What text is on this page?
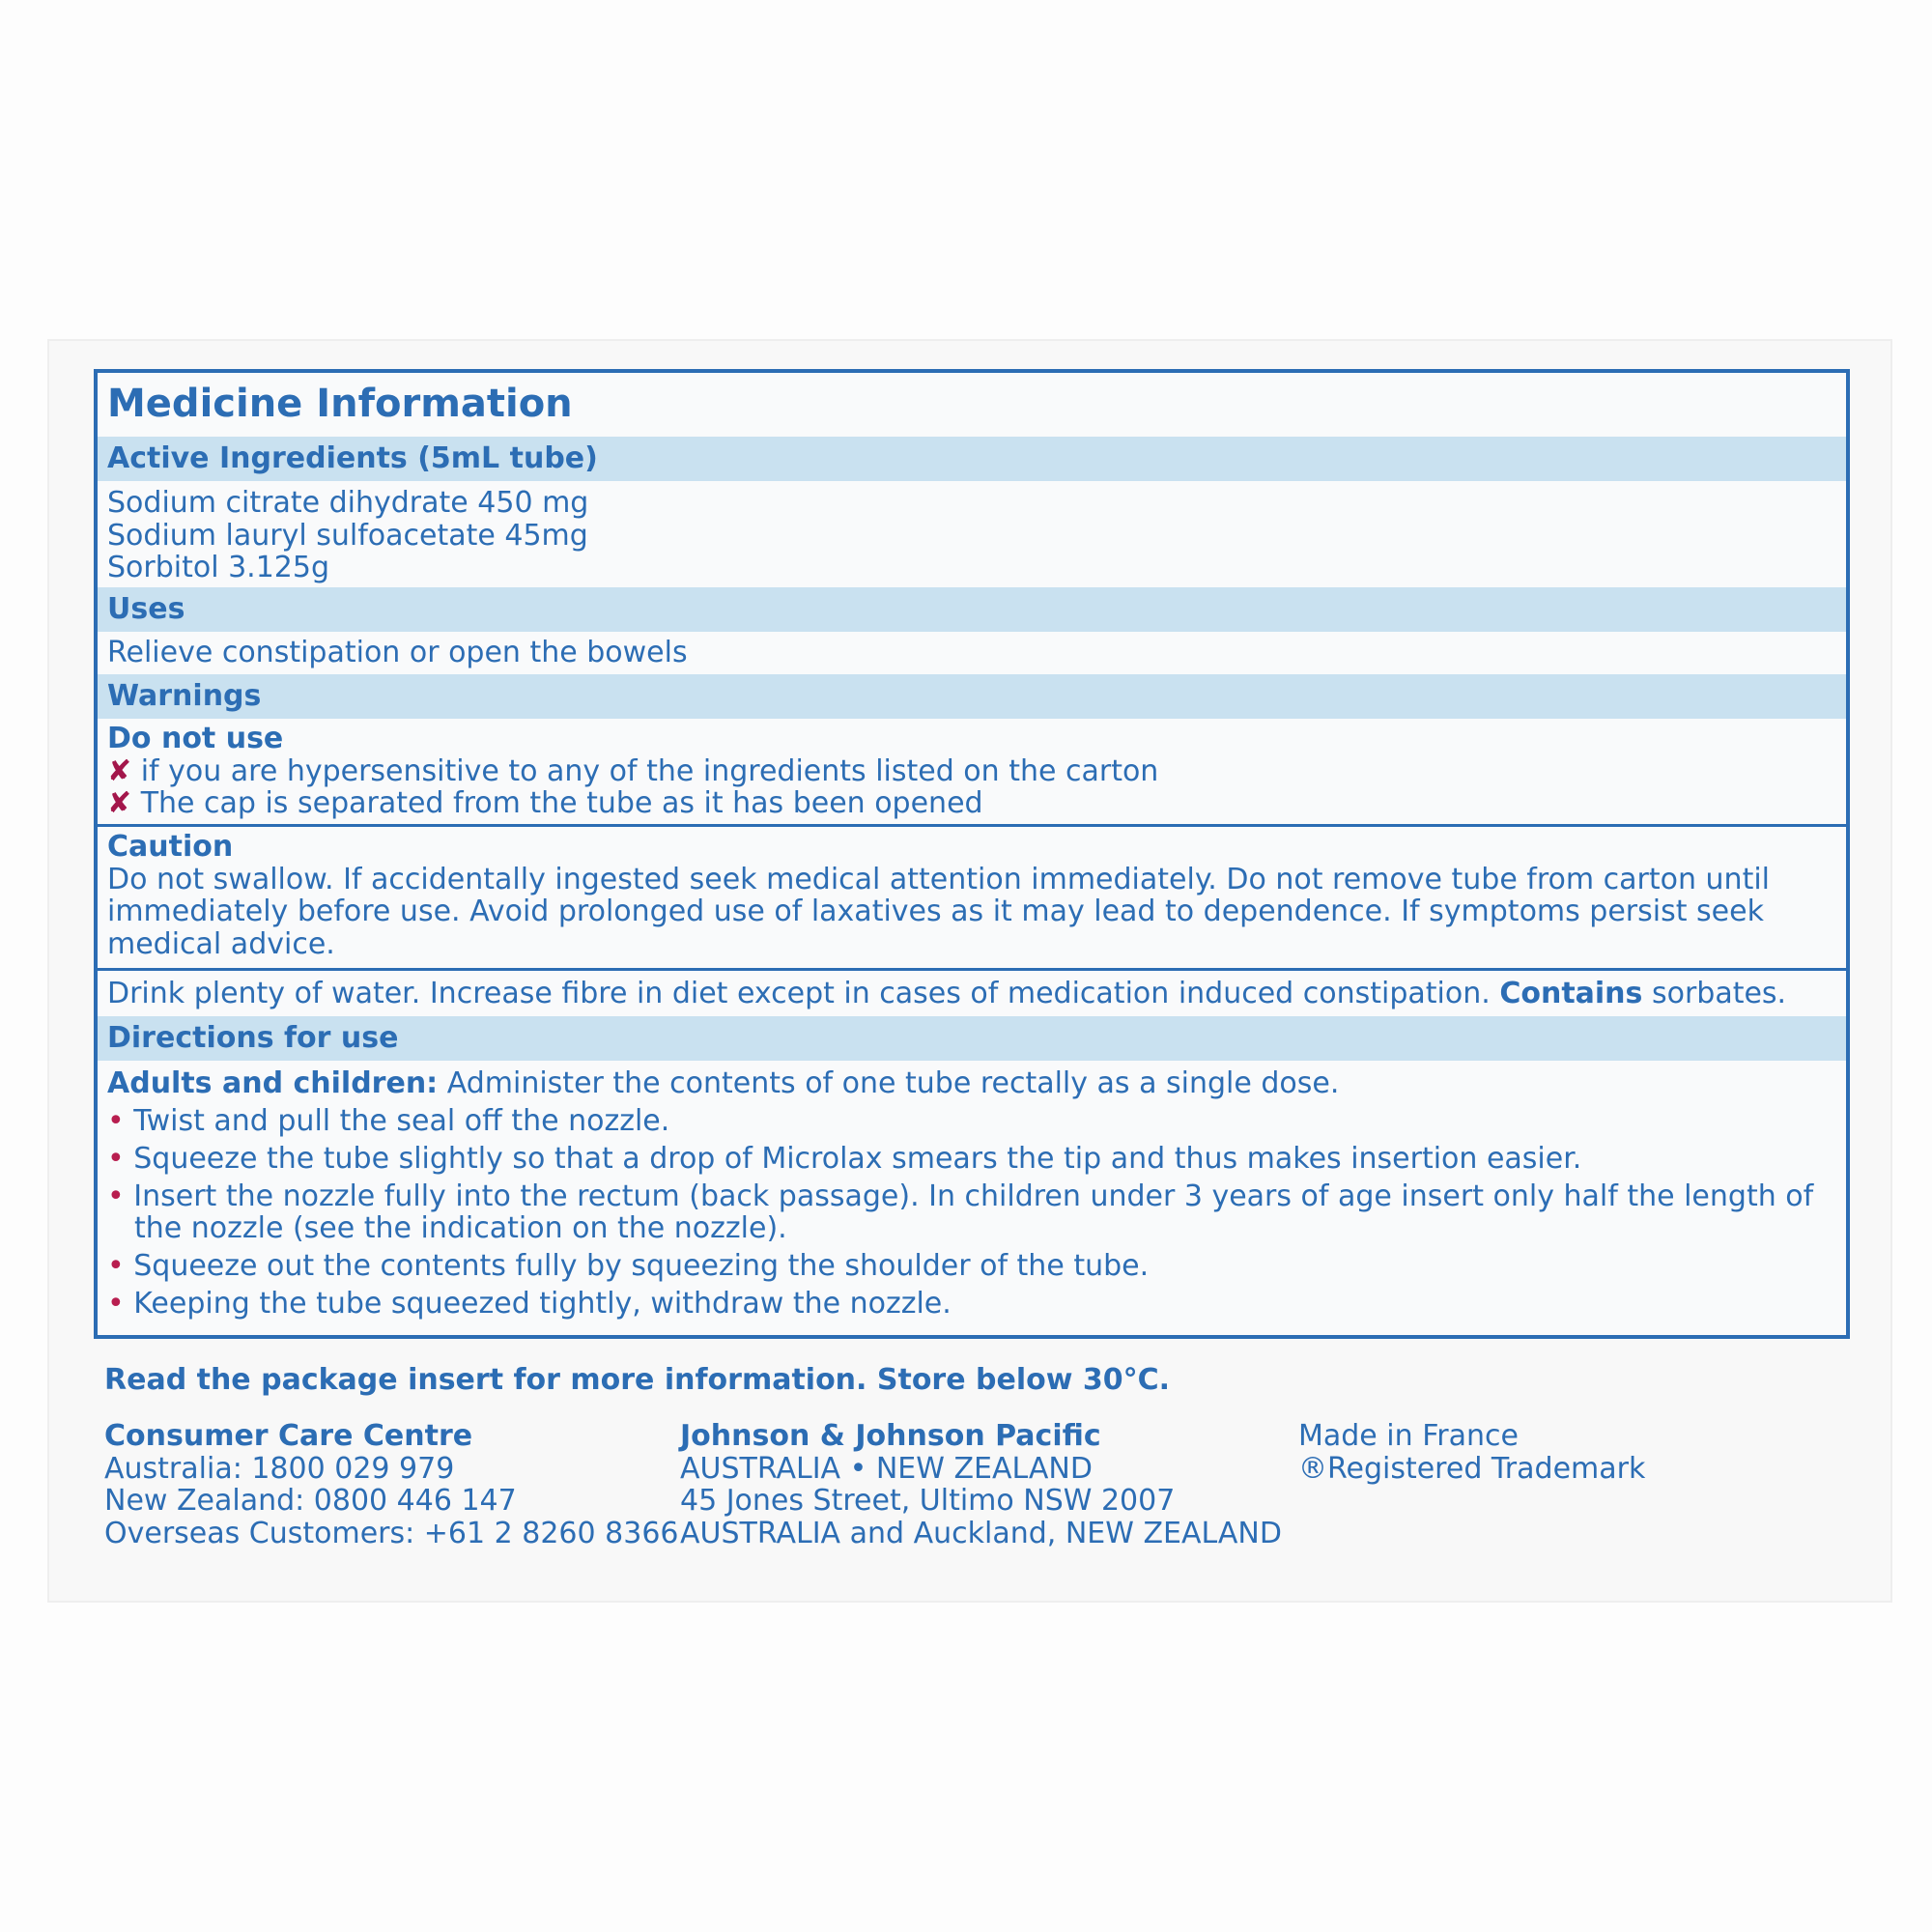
Medicine Information
Active Ingredients (5mL tube)
Sodium citrate dihydrate 450 mg
Sodium lauryl sulfoacetate 45mg
Sorbitol 3.125g
Uses
Relieve constipation or open the bowels
Warnings
Do not use
✘ if you are hypersensitive to any of the ingredients listed on the carton
✘ The cap is separated from the tube as it has been opened
Caution
Do not swallow. If accidentally ingested seek medical attention immediately. Do not remove tube from carton until
immediately before use. Avoid prolonged use of laxatives as it may lead to dependence. If symptoms persist seek
medical advice.
Drink plenty of water. Increase fibre in diet except in cases of medication induced constipation. Contains sorbates.
Directions for use
Adults and children: Administer the contents of one tube rectally as a single dose.
• Twist and pull the seal off the nozzle.
• Squeeze the tube slightly so that a drop of Microlax smears the tip and thus makes insertion easier.
• Insert the nozzle fully into the rectum (back passage). In children under 3 years of age insert only half the length of
the nozzle (see the indication on the nozzle).
• Squeeze out the contents fully by squeezing the shoulder of the tube.
• Keeping the tube squeezed tightly, withdraw the nozzle.
Read the package insert for more information. Store below 30°C.
Consumer Care Centre
Australia: 1800 029 979
New Zealand: 0800 446 147
Overseas Customers: +61 2 8260 8366
Johnson & Johnson Pacific
AUSTRALIA • NEW ZEALAND
45 Jones Street, Ultimo NSW 2007
AUSTRALIA and Auckland, NEW ZEALAND
Made in France
®Registered Trademark
